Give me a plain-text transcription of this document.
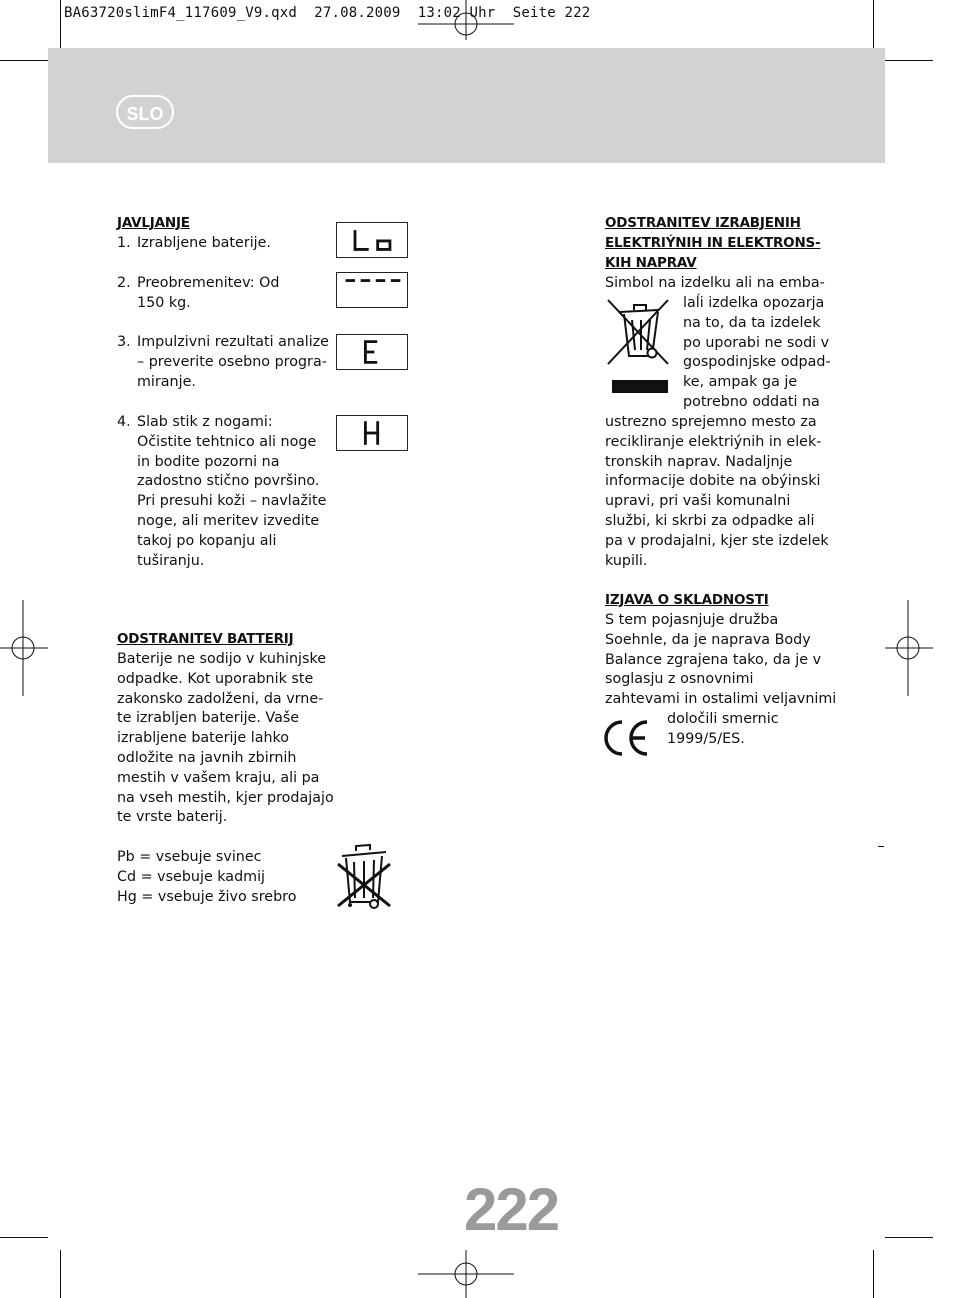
BA63720slimF4_117609_V9.qxd  27.08.2009  13:02 Uhr  Seite 222
SLO
JAVLJANJE
1. Izrabljene baterije.
2. Preobremenitev: Od
150 kg.
3. Impulzivni rezultati analize
– preverite osebno progra-
miranje.
4. Slab stik z nogami:
Očistite tehtnico ali noge
in bodite pozorni na
zadostno stično površino.
Pri presuhi koži – navlažite
noge, ali meritev izvedite
takoj po kopanju ali
tuširanju.
ODSTRANITEV BATTERIJ
Baterije ne sodijo v kuhinjske
odpadke. Kot uporabnik ste
zakonsko zadolženi, da vrne-
te izrabljen baterije. Vaše
izrabljene baterije lahko
odložite na javnih zbirnih
mestih v vašem kraju, ali pa
na vseh mestih, kjer prodajajo
te vrste baterij.
Pb = vsebuje svinec
Cd = vsebuje kadmij
Hg = vsebuje živo srebro
ODSTRANITEV IZRABJENIH
ELEKTRIÝNIH IN ELEKTRONS-
KIH NAPRAV
Simbol na izdelku ali na emba-
laĺi izdelka opozarja
na to, da ta izdelek
po uporabi ne sodi v
gospodinjske odpad-
ke, ampak ga je
potrebno oddati na
ustrezno sprejemno mesto za
recikliranje elektriýnih in elek-
tronskih naprav. Nadaljnje
informacije dobite na obýinski
upravi, pri vaši komunalni
službi, ki skrbi za odpadke ali
pa v prodajalni, kjer ste izdelek
kupili.
IZJAVA O SKLADNOSTI
S tem pojasnjuje družba
Soehnle, da je naprava Body
Balance zgrajena tako, da je v
soglasju z osnovnimi
zahtevami in ostalimi veljavnimi
določili smernic
1999/5/ES.
222
